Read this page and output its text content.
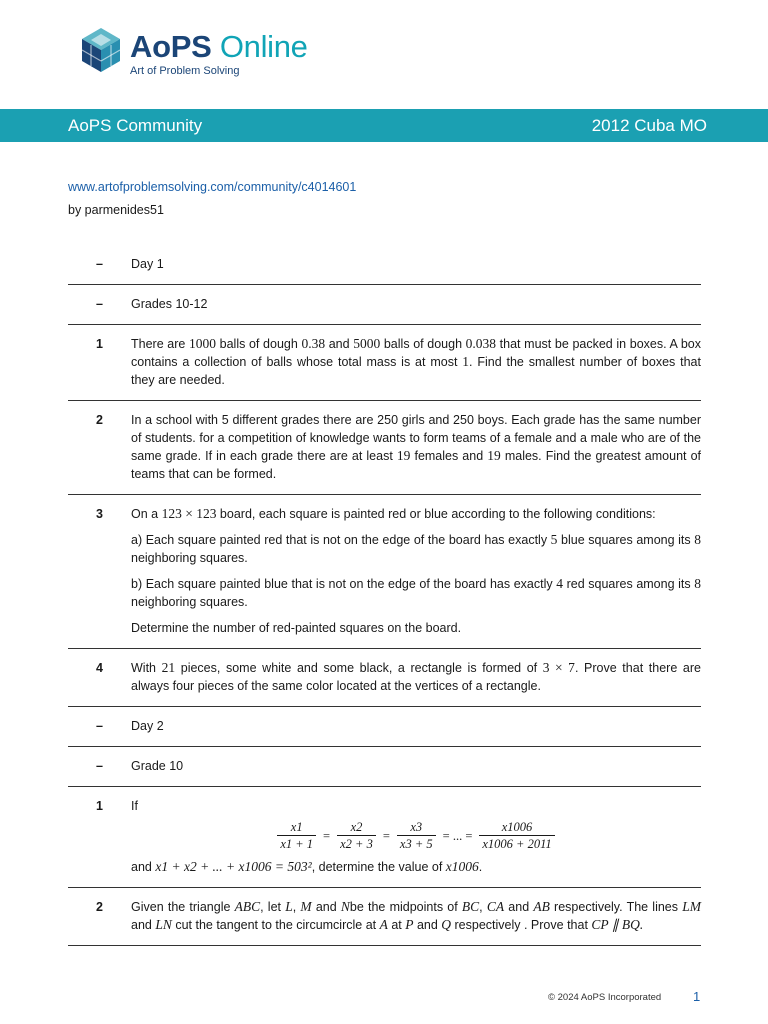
AoPS Online
Art of Problem Solving
AoPS Community	2012 Cuba MO
www.artofproblemsolving.com/community/c4014601
by parmenides51
–	Day 1
–	Grades 10-12
1	There are 1000 balls of dough 0.38 and 5000 balls of dough 0.038 that must be packed in boxes. A box contains a collection of balls whose total mass is at most 1. Find the smallest number of boxes that they are needed.
2	In a school with 5 different grades there are 250 girls and 250 boys. Each grade has the same number of students. for a competition of knowledge wants to form teams of a female and a male who are of the same grade. If in each grade there are at least 19 females and 19 males. Find the greatest amount of teams that can be formed.
3	On a 123 × 123 board, each square is painted red or blue according to the following conditions:

a) Each square painted red that is not on the edge of the board has exactly 5 blue squares among its 8 neighboring squares.

b) Each square painted blue that is not on the edge of the board has exactly 4 red squares among its 8 neighboring squares.

Determine the number of red-painted squares on the board.

4	With 21 pieces, some white and some black, a rectangle is formed of 3 × 7. Prove that there are always four pieces of the same color located at the vertices of a rectangle.
–	Day 2
–	Grade 10
1	If
$\frac{x1}{x1 + 1} = \frac{x2}{x2 + 3} = \frac{x3}{x3 + 5}$ = ... = $\frac{x1006}{x1006 + 2011}$
and x1 + x2 + ... + x1006 = 503², determine the value of x1006.
2	Given the triangle ABC, let L, M and Nbe the midpoints of BC, CA and AB respectively. The lines LM and LN cut the tangent to the circumcircle at A at P and Q respectively . Prove that CP ∥ BQ.
© 2024 AoPS Incorporated 1
